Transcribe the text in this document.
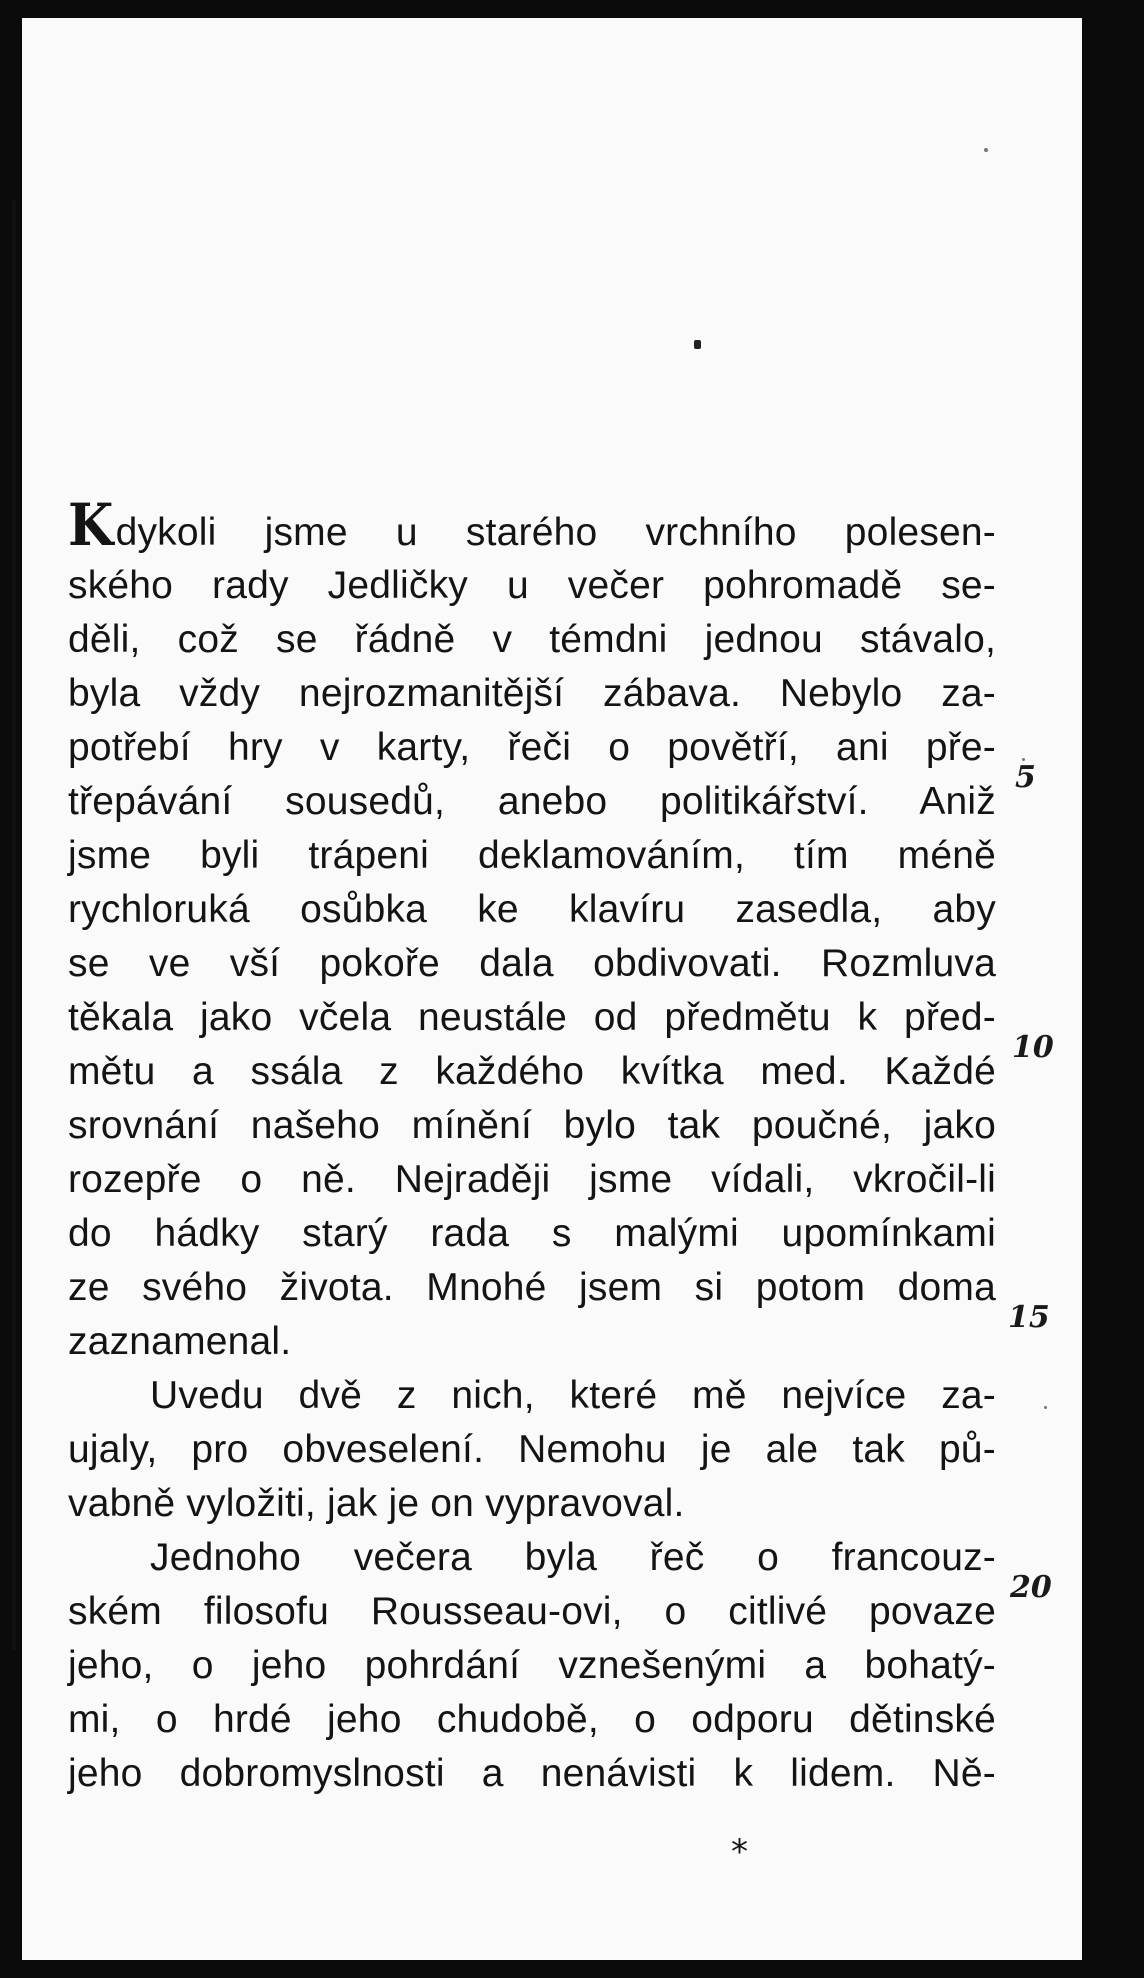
Kdykoli jsme u starého vrchního polesen-
ského rady Jedličky u večer pohromadě se-
děli, což se řádně v témdni jednou stávalo,
byla vždy nejrozmanitější zábava. Nebylo za-
potřebí hry v karty, řeči o povětří, ani pře-
třepávání sousedů, anebo politikářství. Aniž
jsme byli trápeni deklamováním, tím méně
rychloruká osůbka ke klavíru zasedla, aby
se ve vší pokoře dala obdivovati. Rozmluva
těkala jako včela neustále od předmětu k před-
mětu a ssála z každého kvítka med. Každé
srovnání našeho mínění bylo tak poučné, jako
rozepře o ně. Nejraději jsme vídali, vkročil-li
do hádky starý rada s malými upomínkami
ze svého života. Mnohé jsem si potom doma
zaznamenal.
Uvedu dvě z nich, které mě nejvíce za-
ujaly, pro obveselení. Nemohu je ale tak pů-
vabně vyložiti, jak je on vypravoval.
Jednoho večera byla řeč o francouz-
ském filosofu Rousseau-ovi, o citlivé povaze
jeho, o jeho pohrdání vznešenými a bohatý-
mi, o hrdé jeho chudobě, o odporu dětinské
jeho dobromyslnosti a nenávisti k lidem. Ně-
5
10
15
20
*
